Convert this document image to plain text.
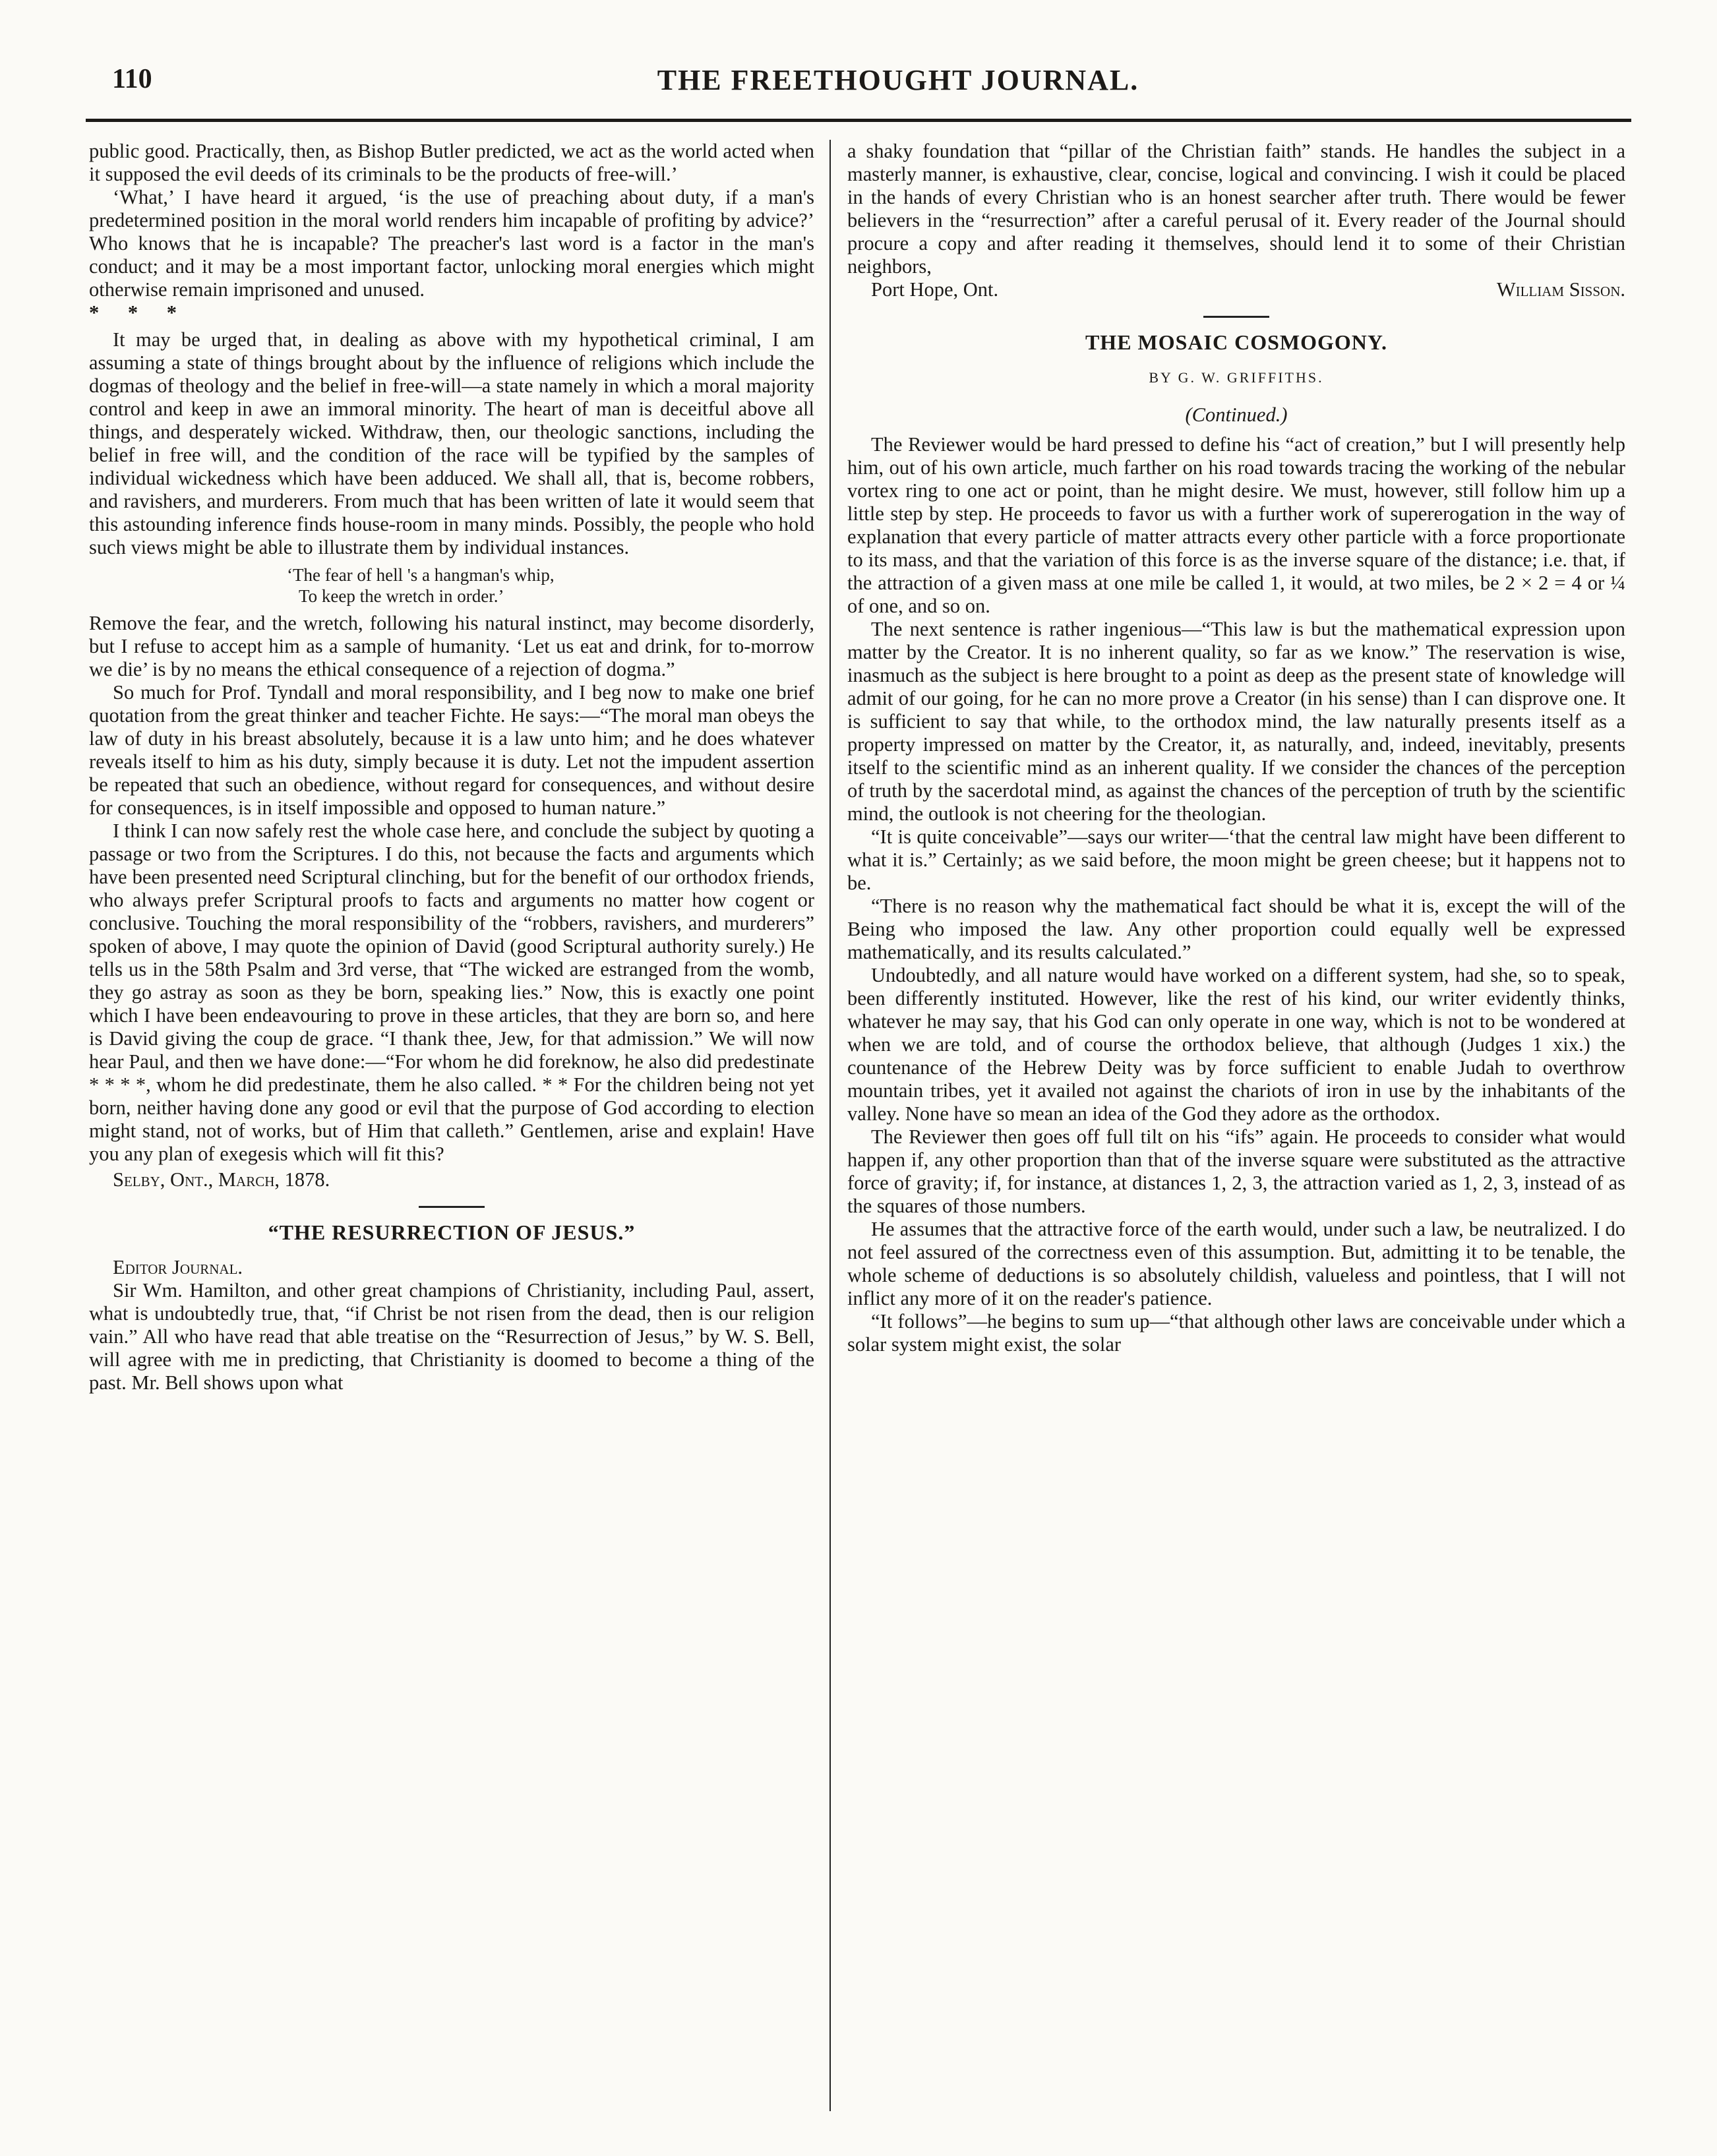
110	THE FREETHOUGHT JOURNAL.

public good. Practically, then, as Bishop Butler predicted, we act as the world acted when it supposed the evil deeds of its criminals to be the products of free-will.’

‘What,’ I have heard it argued, ‘is the use of preaching about duty, if a man's predetermined position in the moral world renders him incapable of profiting by advice?’ Who knows that he is incapable? The preacher's last word is a factor in the man's conduct; and it may be a most important factor, unlocking moral energies which might otherwise remain imprisoned and unused.

* * *

It may be urged that, in dealing as above with my hypothetical criminal, I am assuming a state of things brought about by the influence of religions which include the dogmas of theology and the belief in free-will—a state namely in which a moral majority control and keep in awe an immoral minority. The heart of man is deceitful above all things, and desperately wicked. Withdraw, then, our theologic sanctions, including the belief in free will, and the condition of the race will be typified by the samples of individual wickedness which have been adduced. We shall all, that is, become robbers, and ravishers, and murderers. From much that has been written of late it would seem that this astounding inference finds house-room in many minds. Possibly, the people who hold such views might be able to illustrate them by individual instances.

‘The fear of hell 's a hangman's whip,
To keep the wretch in order.’

Remove the fear, and the wretch, following his natural instinct, may become disorderly, but I refuse to accept him as a sample of humanity. ‘Let us eat and drink, for to-morrow we die’ is by no means the ethical consequence of a rejection of dogma.”

So much for Prof. Tyndall and moral responsibility, and I beg now to make one brief quotation from the great thinker and teacher Fichte. He says:—“The moral man obeys the law of duty in his breast absolutely, because it is a law unto him; and he does whatever reveals itself to him as his duty, simply because it is duty. Let not the impudent assertion be repeated that such an obedience, without regard for consequences, and without desire for consequences, is in itself impossible and opposed to human nature.”

I think I can now safely rest the whole case here, and conclude the subject by quoting a passage or two from the Scriptures. I do this, not because the facts and arguments which have been presented need Scriptural clinching, but for the benefit of our orthodox friends, who always prefer Scriptural proofs to facts and arguments no matter how cogent or conclusive. Touching the moral responsibility of the “robbers, ravishers, and murderers” spoken of above, I may quote the opinion of David (good Scriptural authority surely.) He tells us in the 58th Psalm and 3rd verse, that “The wicked are estranged from the womb, they go astray as soon as they be born, speaking lies.” Now, this is exactly one point which I have been endeavouring to prove in these articles, that they are born so, and here is David giving the coup de grace. “I thank thee, Jew, for that admission.” We will now hear Paul, and then we have done:—“For whom he did foreknow, he also did predestinate * * * *, whom he did predestinate, them he also called. * * For the children being not yet born, neither having done any good or evil that the purpose of God according to election might stand, not of works, but of Him that calleth.” Gentlemen, arise and explain! Have you any plan of exegesis which will fit this?

Selby, Ont., March, 1878.
“THE RESURRECTION OF JESUS.”

Editor Journal.

Sir Wm. Hamilton, and other great champions of Christianity, including Paul, assert, what is undoubtedly true, that, “if Christ be not risen from the dead, then is our religion vain.” All who have read that able treatise on the “Resurrection of Jesus,” by W. S. Bell, will agree with me in predicting, that Christianity is doomed to become a thing of the past. Mr. Bell shows upon what

a shaky foundation that “pillar of the Christian faith” stands. He handles the subject in a masterly manner, is exhaustive, clear, concise, logical and convincing. I wish it could be placed in the hands of every Christian who is an honest searcher after truth. There would be fewer believers in the “resurrection” after a careful perusal of it. Every reader of the Journal should procure a copy and after reading it themselves, should lend it to some of their Christian neighbors,

Port Hope, Ont.	William Sisson.
THE MOSAIC COSMOGONY.
BY G. W. GRIFFITHS.
(Continued.)

The Reviewer would be hard pressed to define his “act of creation,” but I will presently help him, out of his own article, much farther on his road towards tracing the working of the nebular vortex ring to one act or point, than he might desire. We must, however, still follow him up a little step by step. He proceeds to favor us with a further work of supererogation in the way of explanation that every particle of matter attracts every other particle with a force proportionate to its mass, and that the variation of this force is as the inverse square of the distance; i.e. that, if the attraction of a given mass at one mile be called 1, it would, at two miles, be 2 × 2 = 4 or ¼ of one, and so on.

The next sentence is rather ingenious—“This law is but the mathematical expression upon matter by the Creator. It is no inherent quality, so far as we know.” The reservation is wise, inasmuch as the subject is here brought to a point as deep as the present state of knowledge will admit of our going, for he can no more prove a Creator (in his sense) than I can disprove one. It is sufficient to say that while, to the orthodox mind, the law naturally presents itself as a property impressed on matter by the Creator, it, as naturally, and, indeed, inevitably, presents itself to the scientific mind as an inherent quality. If we consider the chances of the perception of truth by the sacerdotal mind, as against the chances of the perception of truth by the scientific mind, the outlook is not cheering for the theologian.

“It is quite conceivable”—says our writer—‘that the central law might have been different to what it is.” Certainly; as we said before, the moon might be green cheese; but it happens not to be.

“There is no reason why the mathematical fact should be what it is, except the will of the Being who imposed the law. Any other proportion could equally well be expressed mathematically, and its results calculated.”

Undoubtedly, and all nature would have worked on a different system, had she, so to speak, been differently instituted. However, like the rest of his kind, our writer evidently thinks, whatever he may say, that his God can only operate in one way, which is not to be wondered at when we are told, and of course the orthodox believe, that although (Judges 1 xix.) the countenance of the Hebrew Deity was by force sufficient to enable Judah to overthrow mountain tribes, yet it availed not against the chariots of iron in use by the inhabitants of the valley. None have so mean an idea of the God they adore as the orthodox.

The Reviewer then goes off full tilt on his “ifs” again. He proceeds to consider what would happen if, any other proportion than that of the inverse square were substituted as the attractive force of gravity; if, for instance, at distances 1, 2, 3, the attraction varied as 1, 2, 3, instead of as the squares of those numbers.

He assumes that the attractive force of the earth would, under such a law, be neutralized. I do not feel assured of the correctness even of this assumption. But, admitting it to be tenable, the whole scheme of deductions is so absolutely childish, valueless and pointless, that I will not inflict any more of it on the reader's patience.

“It follows”—he begins to sum up—“that although other laws are conceivable under which a solar system might exist, the solar
